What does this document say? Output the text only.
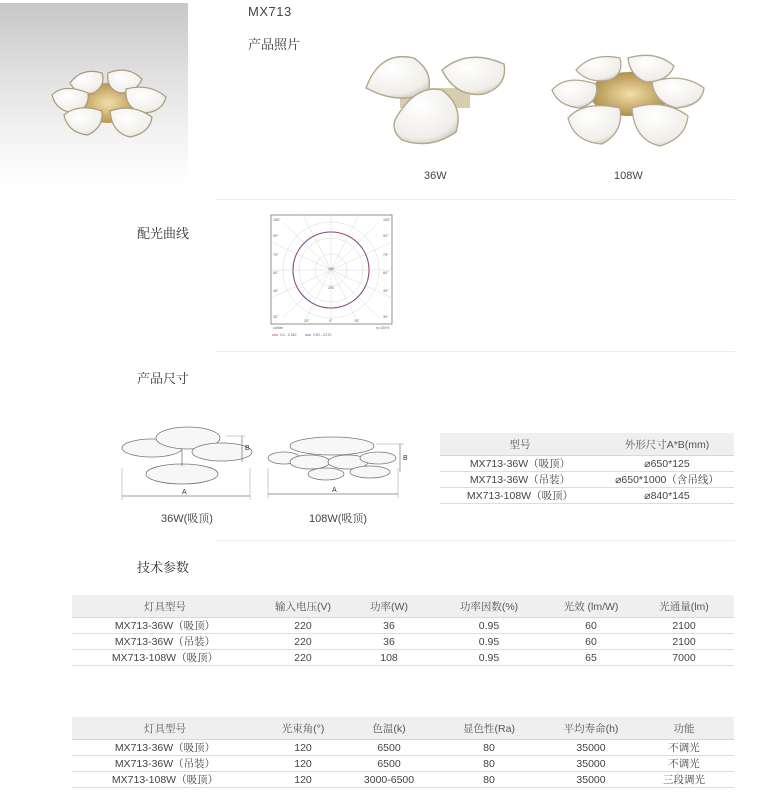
MX713
产品照片
36W	108W
配光曲线
180°
90°
75°
60°
45°
30°
180°
90°
75°
60°
45°
30°
15°	0°	15°
100
200
cd/klm	η=100%
C0 - C180	C90 - C270
产品尺寸
A
B
36W(吸顶)
A
B
108W(吸顶)
型号	外形尺寸A*B(mm)
MX713-36W（吸顶）	⌀650*125
MX713-36W（吊装）	⌀650*1000（含吊线）
MX713-108W（吸顶）	⌀840*145
技术参数
灯具型号	输入电压(V)	功率(W)	功率因数(%)	光效 (lm/W)	光通量(lm)
MX713-36W（吸顶）	220	36	0.95	60	2100
MX713-36W（吊装）	220	36	0.95	60	2100
MX713-108W（吸顶）	220	108	0.95	65	7000
灯具型号	光束角(°)	色温(k)	显色性(Ra)	平均寿命(h)	功能
MX713-36W（吸顶）	120	6500	80	35000	不调光
MX713-36W（吊装）	120	6500	80	35000	不调光
MX713-108W（吸顶）	120	3000-6500	80	35000	三段调光
